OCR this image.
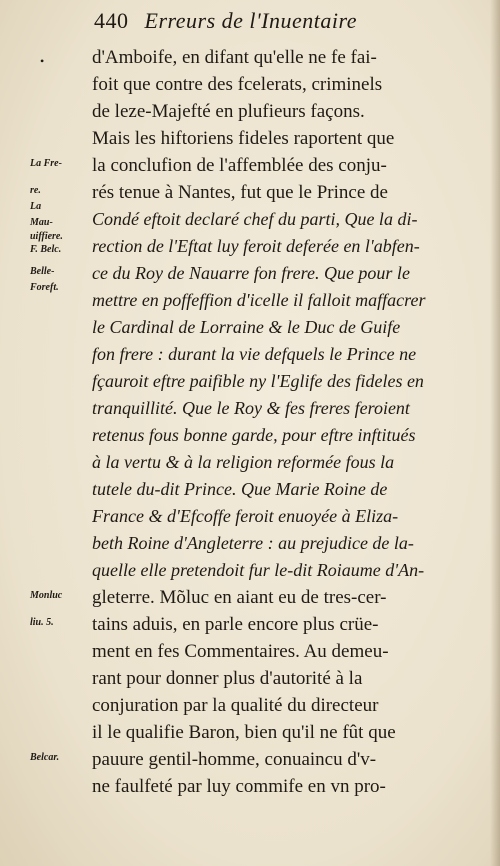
440 Erreurs de l'Inuentaire
•
La Fre-
re.
La
Mau-
uiffiere.
F. Belc.
Belle-
Foreft.
Monluc
liu. 5.
Belcar.
d'Amboife, en difant qu'elle ne fe fai-
foit que contre des fcelerats, criminels
de leze-Majefté en plufieurs façons.
Mais les hiftoriens fideles raportent que
la conclufion de l'affemblée des conju-
rés tenue à Nantes, fut que le Prince de
Condé eftoit declaré chef du parti, Que la di-
rection de l'Eftat luy feroit deferée en l'abfen-
ce du Roy de Nauarre fon frere. Que pour le
mettre en poffeffion d'icelle il falloit maffacrer
le Cardinal de Lorraine & le Duc de Guife
fon frere : durant la vie defquels le Prince ne
fçauroit eftre paifible ny l'Eglife des fideles en
tranquillité. Que le Roy & fes freres feroient
retenus fous bonne garde, pour eftre inftitués
à la vertu & à la religion reformée fous la
tutele du-dit Prince. Que Marie Roine de
France & d'Efcoffe feroit enuoyée à Eliza-
beth Roine d'Angleterre : au prejudice de la-
quelle elle pretendoit fur le-dit Roiaume d'An-
gleterre. Mõluc en aiant eu de tres-cer-
tains aduis, en parle encore plus crüe-
ment en fes Commentaires. Au demeu-
rant pour donner plus d'autorité à la
conjuration par la qualité du directeur
il le qualifie Baron, bien qu'il ne fût que
pauure gentil-homme, conuaincu d'v-
ne faulfeté par luy commife en vn pro-
